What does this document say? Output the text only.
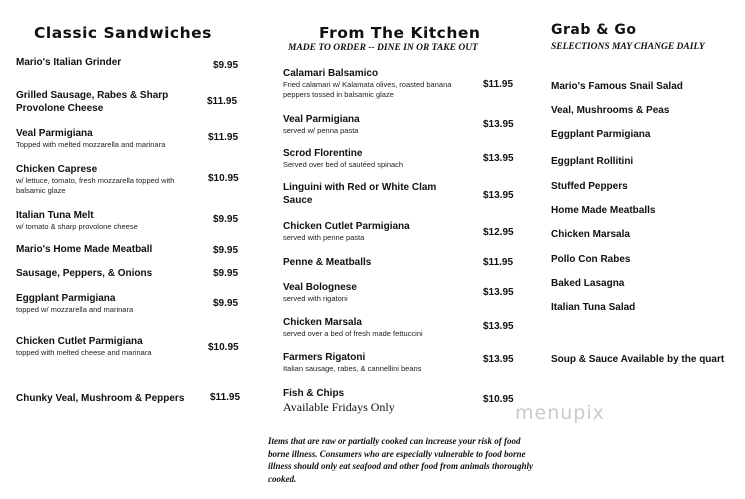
Classic Sandwiches
Mario's Italian Grinder	$9.95
Grilled Sausage, Rabes & Sharp Provolone Cheese
$11.95
Veal Parmigiana
Topped with melted mozzarella and marinara
$11.95
Chicken Caprese
w/ lettuce, tomato, fresh mozzarella topped with balsamic glaze
$10.95
Italian Tuna Melt
w/ tomato & sharp provolone cheese
$9.95
Mario's Home Made Meatball	$9.95
Sausage, Peppers, & Onions	$9.95
Eggplant Parmigiana
topped w/ mozzarella and marinara
$9.95
Chicken Cutlet Parmigiana
topped with melted cheese and marinara	$10.95
Chunky Veal, Mushroom & Peppers	$11.95
From The Kitchen
MADE TO ORDER -- DINE IN OR TAKE OUT
Calamari Balsamico
Fried calamari w/ Kalamata olives, roasted banana peppers tossed in balsamic glaze
$11.95
Veal Parmigiana
served w/ penna pasta
$13.95
Scrod Florentine
Served over bed of sautéed spinach
$13.95
Linguini with Red or White Clam Sauce	$13.95
Chicken Cutlet Parmigiana
served with penne pasta	$12.95
Penne & Meatballs	$11.95
Veal Bolognese
served with rigatoni
$13.95
Chicken Marsala
served over a bed of fresh made fettuccini
$13.95
Farmers Rigatoni
Italian sausage, rabes, & cannellini beans
$13.95
Fish & Chips
Available Fridays Only
$10.95
Items that are raw or partially cooked can increase your risk of food borne illness. Consumers who are especially vulnerable to food borne illness should only eat seafood and other food from animals thoroughly cooked.
Grab & Go
SELECTIONS MAY CHANGE DAILY
Mario's Famous Snail Salad
Veal, Mushrooms & Peas
Eggplant Parmigiana
Eggplant Rollitini
Stuffed Peppers
Home Made Meatballs
Chicken Marsala
Pollo Con Rabes
Baked Lasagna
Italian Tuna Salad
Soup & Sauce Available by the quart
menupix
